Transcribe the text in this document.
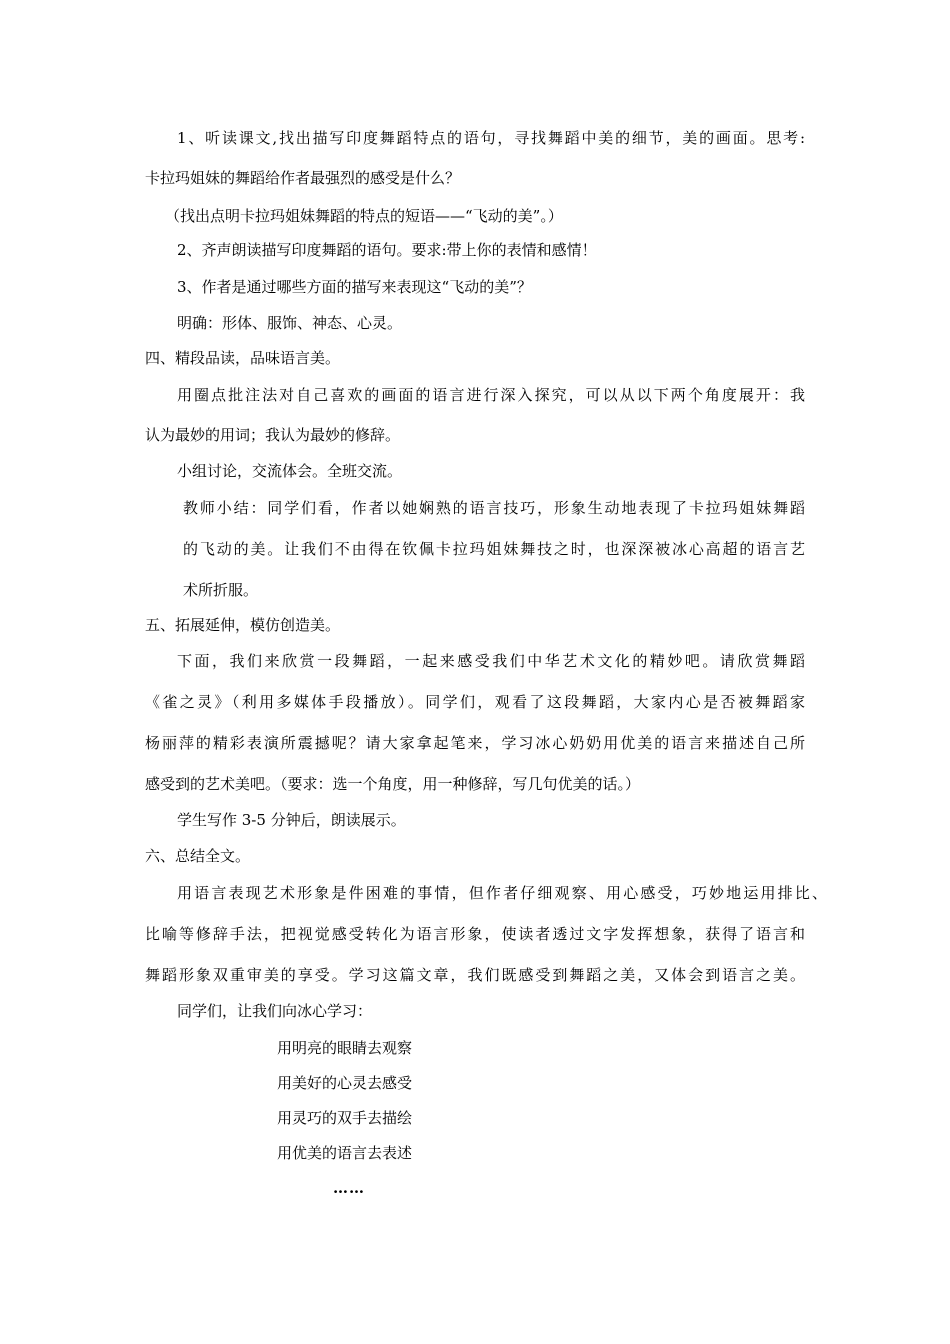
1、听读课文,找出描写印度舞蹈特点的语句，寻找舞蹈中美的细节，美的画面。思考:

卡拉玛姐妹的舞蹈给作者最强烈的感受是什么？

（找出点明卡拉玛姐妹舞蹈的特点的短语——“飞动的美”。）

2、齐声朗读描写印度舞蹈的语句。要求:带上你的表情和感情！

3、作者是通过哪些方面的描写来表现这“飞动的美”？

明确：形体、服饰、神态、心灵。

四、精段品读，品味语言美。

用圈点批注法对自己喜欢的画面的语言进行深入探究，可以从以下两个角度展开：我

认为最妙的用词；我认为最妙的修辞。

小组讨论，交流体会。全班交流。

教师小结：同学们看，作者以她娴熟的语言技巧，形象生动地表现了卡拉玛姐妹舞蹈

的飞动的美。让我们不由得在钦佩卡拉玛姐妹舞技之时，也深深被冰心高超的语言艺

术所折服。

五、拓展延伸，模仿创造美。

下面，我们来欣赏一段舞蹈，一起来感受我们中华艺术文化的精妙吧。请欣赏舞蹈

《雀之灵》（利用多媒体手段播放）。同学们，观看了这段舞蹈，大家内心是否被舞蹈家

杨丽萍的精彩表演所震撼呢？请大家拿起笔来，学习冰心奶奶用优美的语言来描述自己所

感受到的艺术美吧。（要求：选一个角度，用一种修辞，写几句优美的话。）

学生写作 3-5 分钟后，朗读展示。

六、总结全文。

用语言表现艺术形象是件困难的事情，但作者仔细观察、用心感受，巧妙地运用排比、

比喻等修辞手法，把视觉感受转化为语言形象，使读者透过文字发挥想象，获得了语言和

舞蹈形象双重审美的享受。学习这篇文章，我们既感受到舞蹈之美，又体会到语言之美。

同学们，让我们向冰心学习：

用明亮的眼睛去观察

用美好的心灵去感受

用灵巧的双手去描绘

用优美的语言去表述

……
